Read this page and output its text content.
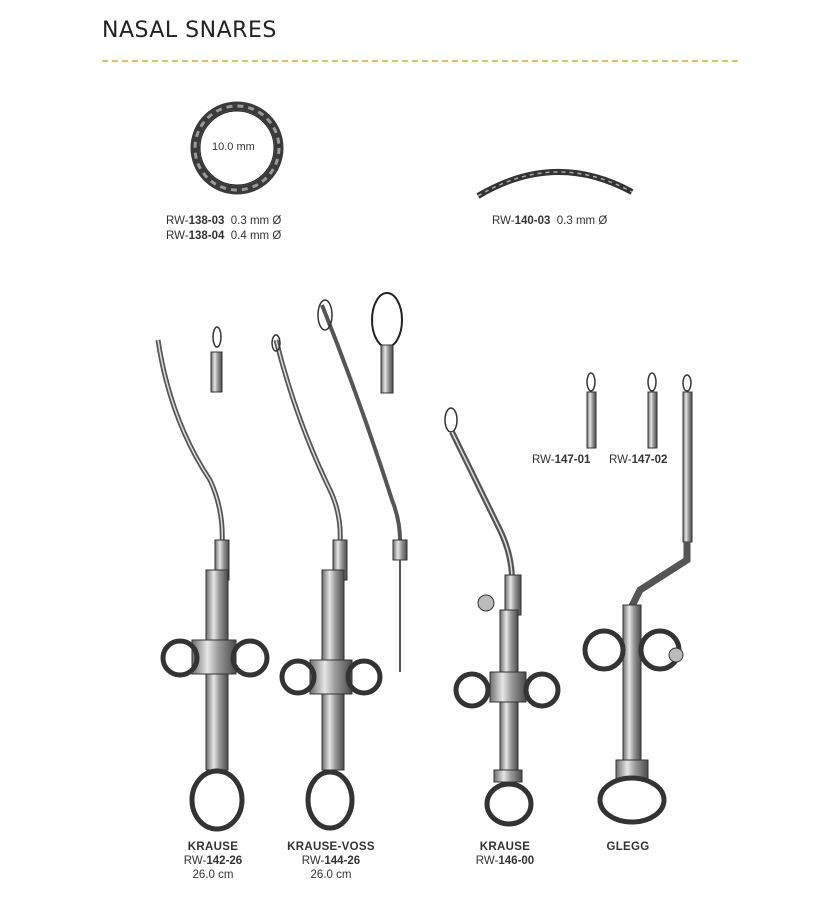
NASAL SNARES
10.0 mm
RW-138-03 0.3 mm Ø
RW-138-04 0.4 mm Ø
RW-140-03 0.3 mm Ø
RW-147-01 RW-147-02
KRAUSE
RW-142-26
26.0 cm
KRAUSE-VOSS
RW-144-26
26.0 cm
KRAUSE
RW-146-00
GLEGG
